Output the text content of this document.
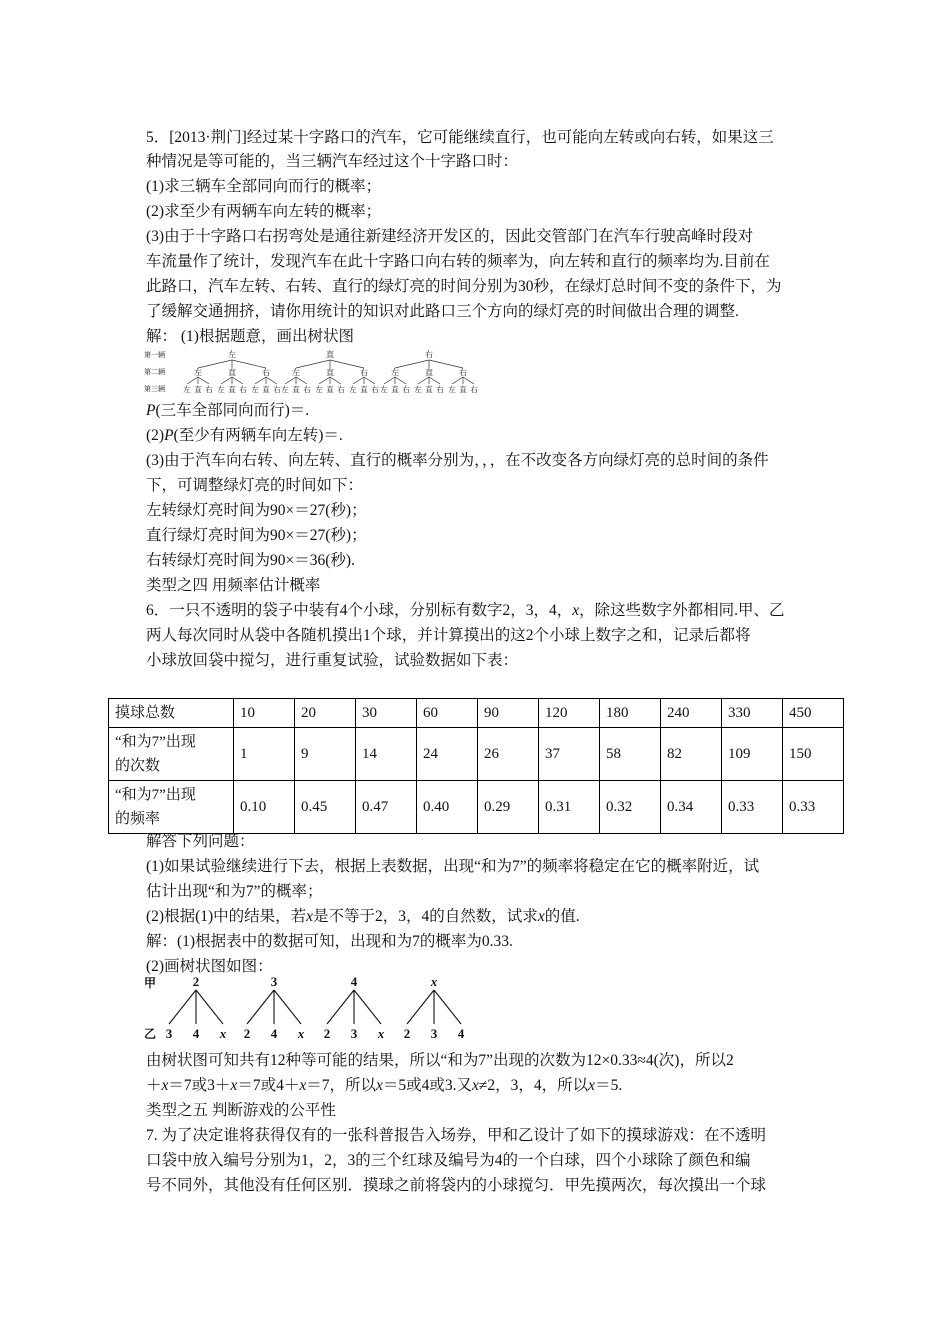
5．[2013·荆门]经过某十字路口的汽车，它可能继续直行，也可能向左转或向右转，如果这三
种情况是等可能的，当三辆汽车经过这个十字路口时：
(1)求三辆车全部同向而行的概率；
(2)求至少有两辆车向左转的概率；
(3)由于十字路口右拐弯处是通往新建经济开发区的，因此交管部门在汽车行驶高峰时段对
车流量作了统计，发现汽车在此十字路口向右转的频率为，向左转和直行的频率均为.目前在
此路口，汽车左转、右转、直行的绿灯亮的时间分别为30秒，在绿灯总时间不变的条件下，为
了缓解交通拥挤，请你用统计的知识对此路口三个方向的绿灯亮的时间做出合理的调整.
解： (1)根据题意，画出树状图
第一辆
第二辆
第三辆
左
左
左 直 右
直
左 直 右
右
左 直 右
直
左
左 直 右
直
左 直 右
右
左 直 右
右
左
左 直 右
直
左 直 右
右
左 直 右
P(三车全部同向而行)＝.
(2)P(至少有两辆车向左转)＝.
(3)由于汽车向右转、向左转、直行的概率分别为，，，在不改变各方向绿灯亮的总时间的条件
下，可调整绿灯亮的时间如下：
左转绿灯亮时间为90×＝27(秒)；
直行绿灯亮时间为90×＝27(秒)；
右转绿灯亮时间为90×＝36(秒).
类型之四 用频率估计概率
6．一只不透明的袋子中装有4个小球，分别标有数字2，3，4，x，除这些数字外都相同.甲、乙
两人每次同时从袋中各随机摸出1个球，并计算摸出的这2个小球上数字之和，记录后都将
小球放回袋中搅匀，进行重复试验，试验数据如下表：
摸球总数	10	20	30	60	90	120	180	240	330	450
“和为7”出现
的次数	1	9	14	24	26	37	58	82	109	150
“和为7”出现
的频率	0.10	0.45	0.47	0.40	0.29	0.31	0.32	0.34	0.33	0.33
解答下列问题：
(1)如果试验继续进行下去，根据上表数据，出现“和为7”的频率将稳定在它的概率附近，试
估计出现“和为7”的概率；
(2)根据(1)中的结果，若x是不等于2，3，4的自然数，试求x的值.
解：(1)根据表中的数据可知，出现和为7的概率为0.33.
(2)画树状图如图：
甲
乙
2
3 4 x
3
2 4 x
4
2 3 x
x
2 3 4
由树状图可知共有12种等可能的结果，所以“和为7”出现的次数为12×0.33≈4(次)，所以2
＋x＝7或3＋x＝7或4＋x＝7，所以x＝5或4或3.又x≠2，3，4，所以x＝5.
类型之五 判断游戏的公平性
7. 为了决定谁将获得仅有的一张科普报告入场券，甲和乙设计了如下的摸球游戏：在不透明
口袋中放入编号分别为1，2，3的三个红球及编号为4的一个白球，四个小球除了颜色和编
号不同外，其他没有任何区别．摸球之前将袋内的小球搅匀．甲先摸两次，每次摸出一个球
